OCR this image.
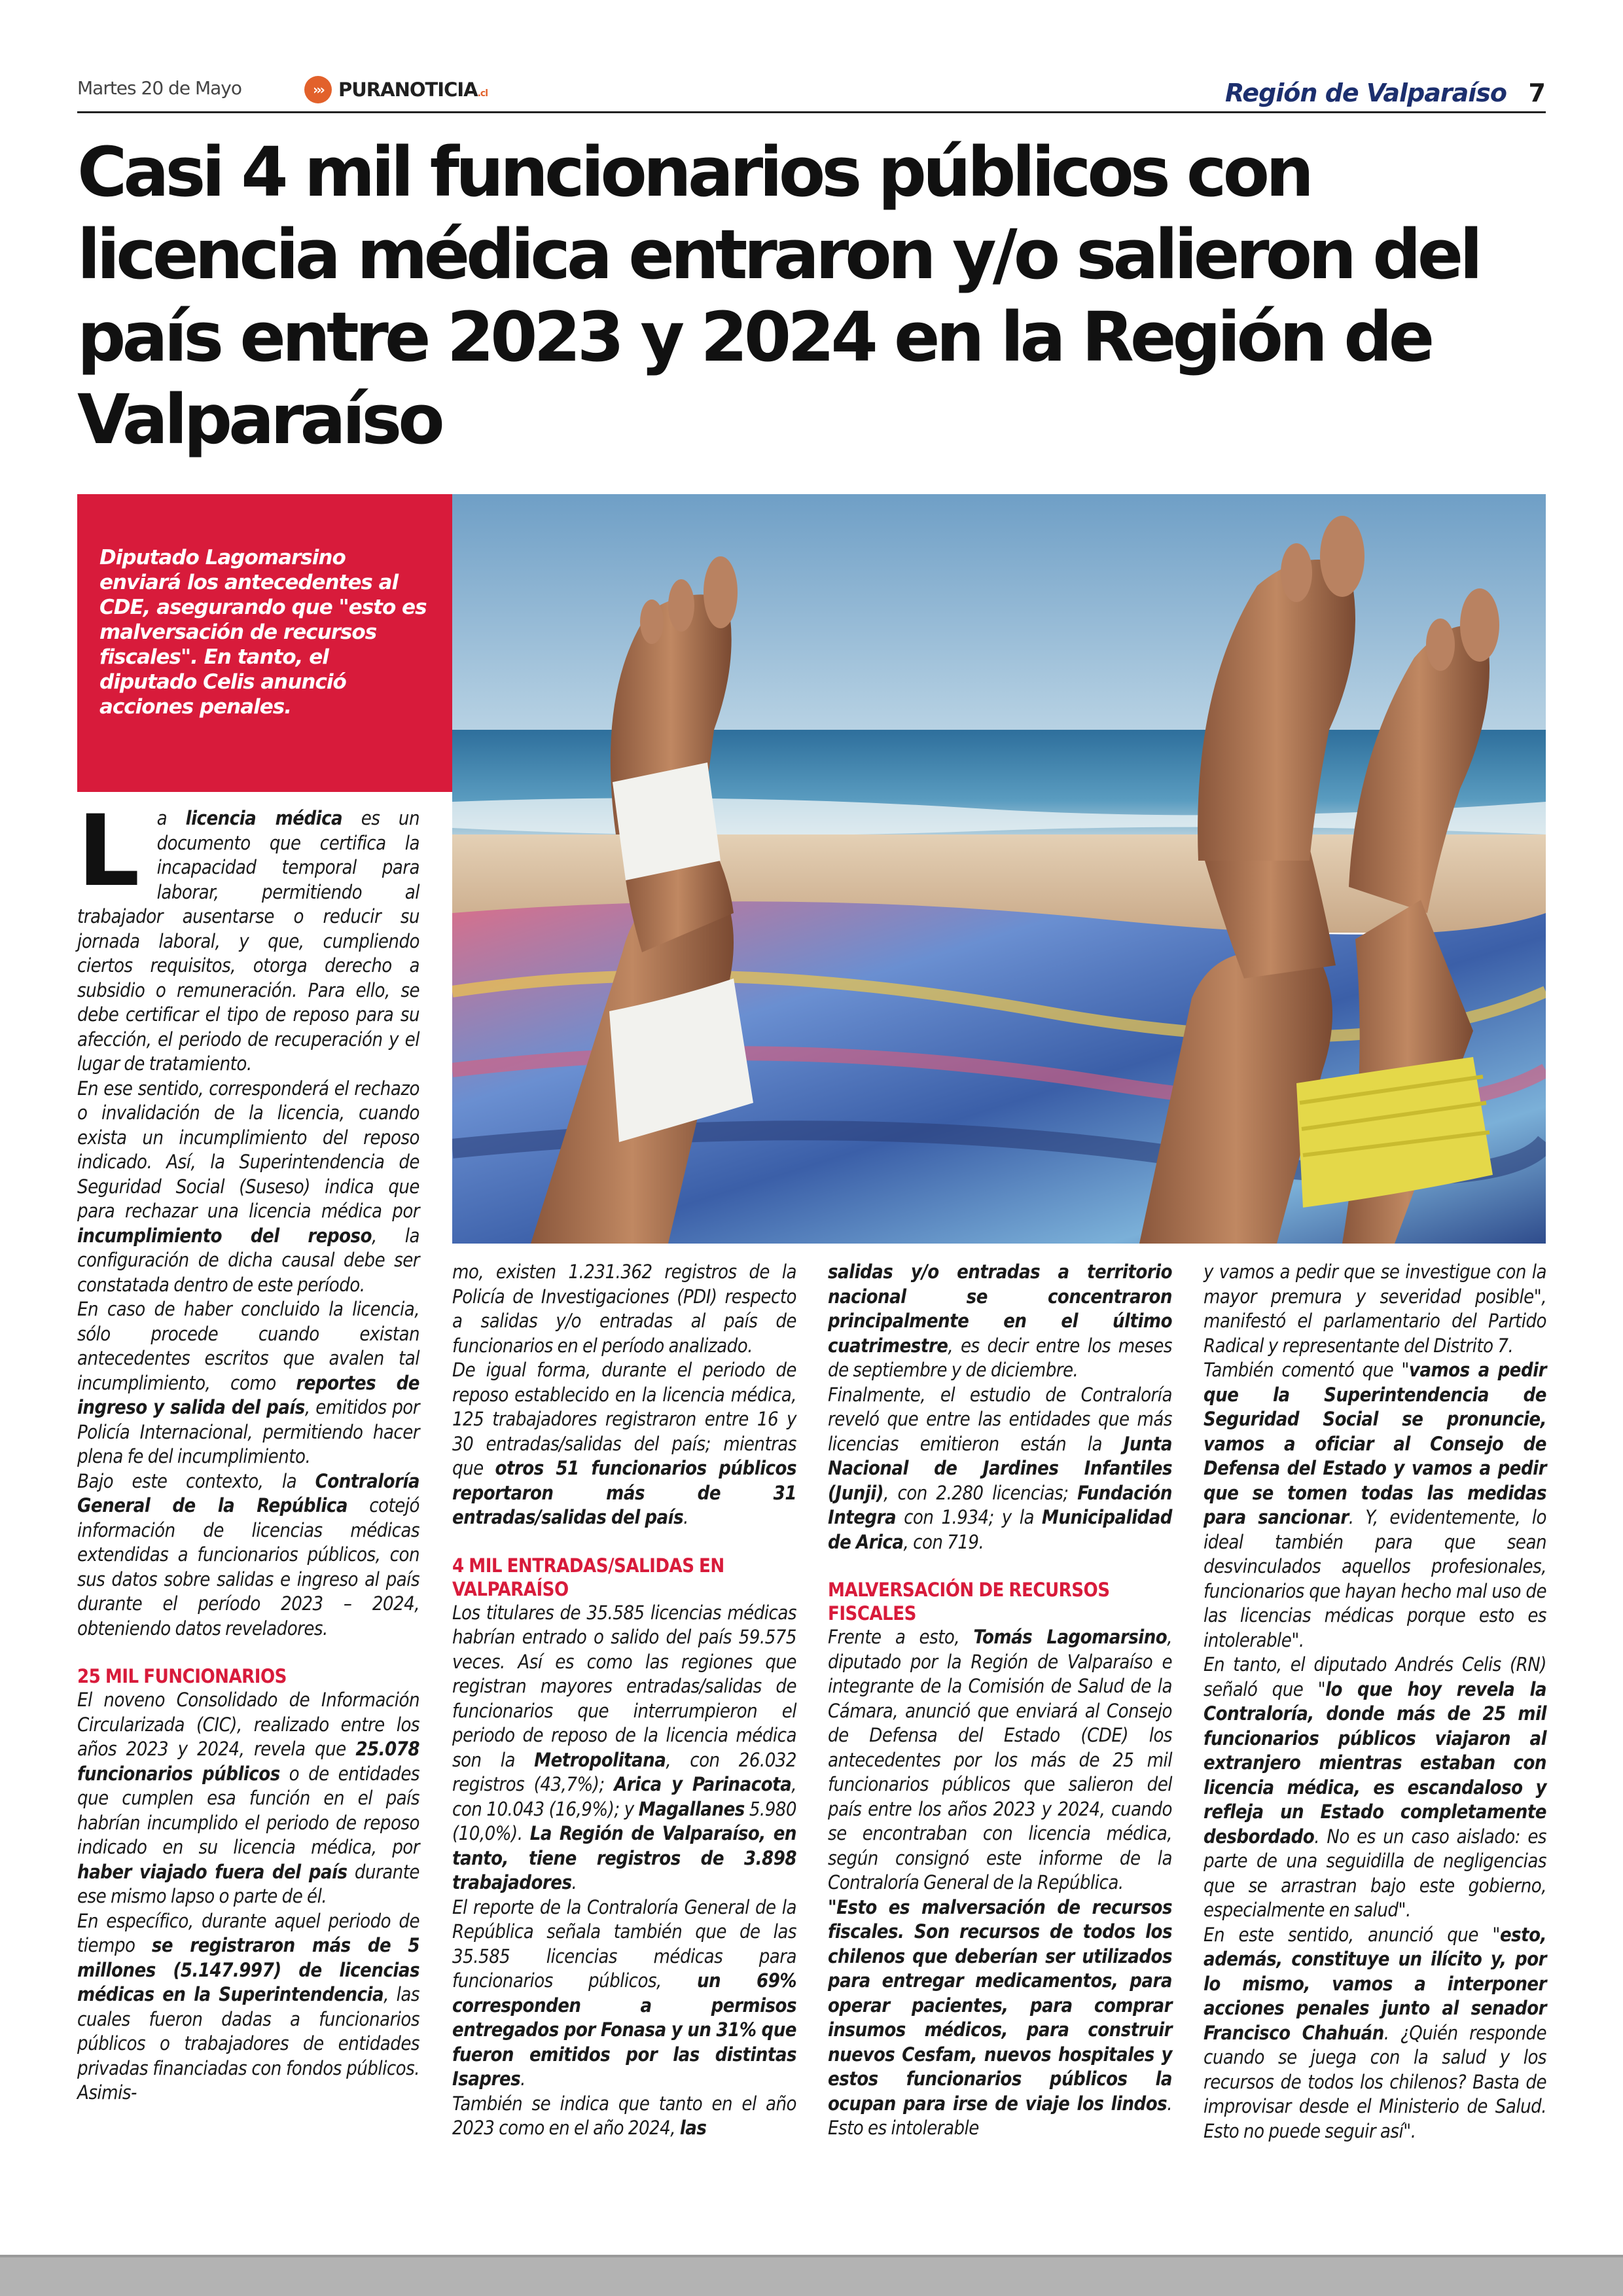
Martes 20 de Mayo	››› PURANOTICIA.cl	Región de Valparaíso 7
Casi 4 mil funcionarios públicos con licencia médica entraron y/o salieron del país entre 2023 y 2024 en la Región de Valparaíso

Diputado Lagomarsino enviará los antecedentes al CDE, asegurando que "esto es malversación de recursos fiscales". En tanto, el diputado Celis anunció acciones penales.

La licencia médica es un documento que certifica la incapacidad temporal para laborar, permitiendo al trabajador ausentarse o reducir su jornada laboral, y que, cumpliendo ciertos requisitos, otorga derecho a subsidio o remuneración. Para ello, se debe certificar el tipo de reposo para su afección, el periodo de recuperación y el lugar de tratamiento.

En ese sentido, corresponderá el rechazo o invalidación de la licencia, cuando exista un incumplimiento del reposo indicado. Así, la Superintendencia de Seguridad Social (Suseso) indica que para rechazar una licencia médica por incumplimiento del reposo, la configuración de dicha causal debe ser constatada dentro de este período.

En caso de haber concluido la licencia, sólo procede cuando existan antecedentes escritos que avalen tal incumplimiento, como reportes de ingreso y salida del país, emitidos por Policía Internacional, permitiendo hacer plena fe del incumplimiento.

Bajo este contexto, la Contraloría General de la República cotejó información de licencias médicas extendidas a funcionarios públicos, con sus datos sobre salidas e ingreso al país durante el período 2023 – 2024, obteniendo datos reveladores.

25 MIL FUNCIONARIOS

El noveno Consolidado de Información Circularizada (CIC), realizado entre los años 2023 y 2024, revela que 25.078 funcionarios públicos o de entidades que cumplen esa función en el país habrían incumplido el periodo de reposo indicado en su licencia médica, por haber viajado fuera del país durante ese mismo lapso o parte de él.

En específico, durante aquel periodo de tiempo se registraron más de 5 millones (5.147.997) de licencias médicas en la Superintendencia, las cuales fueron dadas a funcionarios públicos o trabajadores de entidades privadas financiadas con fondos públicos. Asimis-

mo, existen 1.231.362 registros de la Policía de Investigaciones (PDI) respecto a salidas y/o entradas al país de funcionarios en el período analizado.

De igual forma, durante el periodo de reposo establecido en la licencia médica, 125 trabajadores registraron entre 16 y 30 entradas/salidas del país; mientras que otros 51 funcionarios públicos reportaron más de 31 entradas/salidas del país.

4 MIL ENTRADAS/SALIDAS EN VALPARAÍSO

Los titulares de 35.585 licencias médicas habrían entrado o salido del país 59.575 veces. Así es como las regiones que registran mayores entradas/salidas de funcionarios que interrumpieron el periodo de reposo de la licencia médica son la Metropolitana, con 26.032 registros (43,7%); Arica y Parinacota, con 10.043 (16,9%); y Magallanes 5.980 (10,0%). La Región de Valparaíso, en tanto, tiene registros de 3.898 trabajadores.

El reporte de la Contraloría General de la República señala también que de las 35.585 licencias médicas para funcionarios públicos, un 69% corresponden a permisos entregados por Fonasa y un 31% que fueron emitidos por las distintas Isapres.

También se indica que tanto en el año 2023 como en el año 2024, las

salidas y/o entradas a territorio nacional se concentraron principalmente en el último cuatrimestre, es decir entre los meses de septiembre y de diciembre.

Finalmente, el estudio de Contraloría reveló que entre las entidades que más licencias emitieron están la Junta Nacional de Jardines Infantiles (Junji), con 2.280 licencias; Fundación Integra con 1.934; y la Municipalidad de Arica, con 719.

MALVERSACIÓN DE RECURSOS FISCALES

Frente a esto, Tomás Lagomarsino, diputado por la Región de Valparaíso e integrante de la Comisión de Salud de la Cámara, anunció que enviará al Consejo de Defensa del Estado (CDE) los antecedentes por los más de 25 mil funcionarios públicos que salieron del país entre los años 2023 y 2024, cuando se encontraban con licencia médica, según consignó este informe de la Contraloría General de la República.

"Esto es malversación de recursos fiscales. Son recursos de todos los chilenos que deberían ser utilizados para entregar medicamentos, para operar pacientes, para comprar insumos médicos, para construir nuevos Cesfam, nuevos hospitales y estos funcionarios públicos la ocupan para irse de viaje los lindos. Esto es intolerable

y vamos a pedir que se investigue con la mayor premura y severidad posible", manifestó el parlamentario del Partido Radical y representante del Distrito 7.

También comentó que "vamos a pedir que la Superintendencia de Seguridad Social se pronuncie, vamos a oficiar al Consejo de Defensa del Estado y vamos a pedir que se tomen todas las medidas para sancionar. Y, evidentemente, lo ideal también para que sean desvinculados aquellos profesionales, funcionarios que hayan hecho mal uso de las licencias médicas porque esto es intolerable".

En tanto, el diputado Andrés Celis (RN) señaló que "lo que hoy revela la Contraloría, donde más de 25 mil funcionarios públicos viajaron al extranjero mientras estaban con licencia médica, es escandaloso y refleja un Estado completamente desbordado. No es un caso aislado: es parte de una seguidilla de negligencias que se arrastran bajo este gobierno, especialmente en salud".

En este sentido, anunció que "esto, además, constituye un ilícito y, por lo mismo, vamos a interponer acciones penales junto al senador Francisco Chahuán. ¿Quién responde cuando se juega con la salud y los recursos de todos los chilenos? Basta de improvisar desde el Ministerio de Salud. Esto no puede seguir así".
